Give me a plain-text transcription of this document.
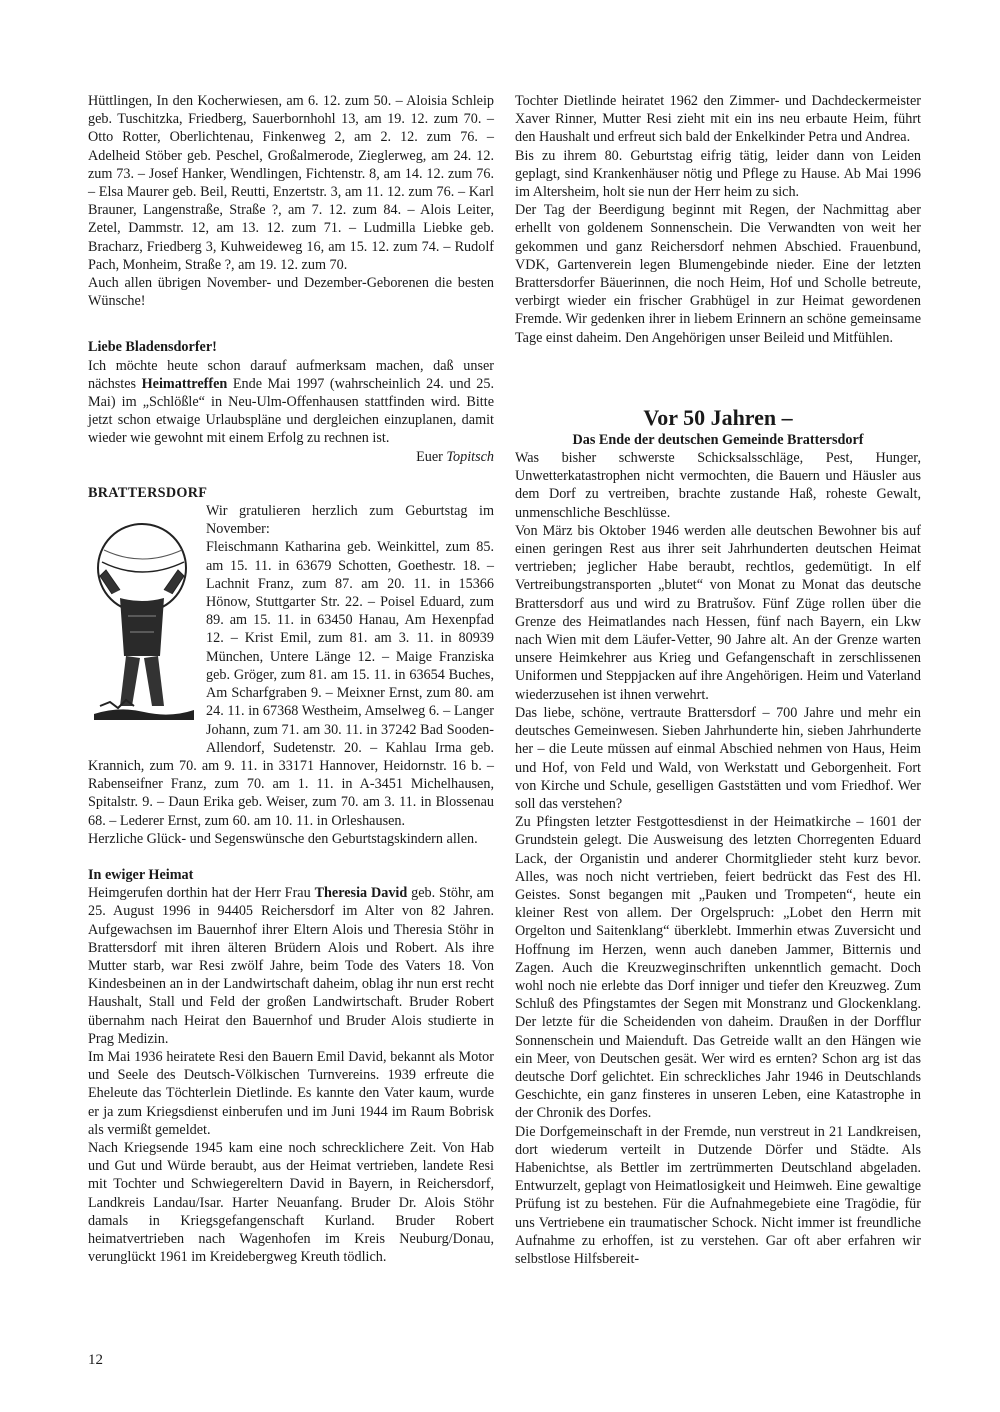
Hüttlingen, In den Kocherwiesen, am 6. 12. zum 50. – Aloisia Schleip geb. Tuschitzka, Friedberg, Sauerbornhohl 13, am 19. 12. zum 70. – Otto Rotter, Oberlichtenau, Finkenweg 2, am 2. 12. zum 76. – Adelheid Stöber geb. Peschel, Großalmerode, Zieglerweg, am 24. 12. zum 73. – Josef Hanker, Wendlingen, Fichtenstr. 8, am 14. 12. zum 76. – Elsa Maurer geb. Beil, Reutti, Enzertstr. 3, am 11. 12. zum 76. – Karl Brauner, Langenstraße, Straße ?, am 7. 12. zum 84. – Alois Leiter, Zetel, Dammstr. 12, am 13. 12. zum 71. – Ludmilla Liebke geb. Bracharz, Friedberg 3, Kuhweideweg 16, am 15. 12. zum 74. – Rudolf Pach, Monheim, Straße ?, am 19. 12. zum 70.

Auch allen übrigen November- und Dezember-Geborenen die besten Wünsche!

Liebe Bladensdorfer!

Ich möchte heute schon darauf aufmerksam machen, daß unser nächstes Heimattreffen Ende Mai 1997 (wahrscheinlich 24. und 25. Mai) im „Schlößle“ in Neu-Ulm-Offenhausen stattfinden wird. Bitte jetzt schon etwaige Urlaubspläne und dergleichen einzuplanen, damit wieder wie gewohnt mit einem Erfolg zu rechnen ist.

Euer Topitsch

BRATTERSDORF

Wir gratulieren herzlich zum Geburtstag im November:

Fleischmann Katharina geb. Weinkittel, zum 85. am 15. 11. in 63679 Schotten, Goethestr. 18. – Lachnit Franz, zum 87. am 20. 11. in 15366 Hönow, Stuttgarter Str. 22. – Poisel Eduard, zum 89. am 15. 11. in 63450 Hanau, Am Hexenpfad 12. – Krist Emil, zum 81. am 3. 11. in 80939 München, Untere Länge 12. – Maige Franziska geb. Gröger, zum 81. am 15. 11. in 63654 Buches, Am Scharfgraben 9. – Meixner Ernst, zum 80. am 24. 11. in 67368 Westheim, Amselweg 6. – Langer Johann, zum 71. am 30. 11. in 37242 Bad Sooden-Allendorf, Sudetenstr. 20. – Kahlau Irma geb. Krannich, zum 70. am 9. 11. in 33171 Hannover, Heidornstr. 16 b. – Rabenseifner Franz, zum 70. am 1. 11. in A-3451 Michelhausen, Spitalstr. 9. – Daun Erika geb. Weiser, zum 70. am 3. 11. in Blossenau 68. – Lederer Ernst, zum 60. am 10. 11. in Orleshausen.

Herzliche Glück- und Segenswünsche den Geburtstagskindern allen.

In ewiger Heimat

Heimgerufen dorthin hat der Herr Frau Theresia David geb. Stöhr, am 25. August 1996 in 94405 Reichersdorf im Alter von 82 Jahren. Aufgewachsen im Bauernhof ihrer Eltern Alois und Theresia Stöhr in Brattersdorf mit ihren älteren Brüdern Alois und Robert. Als ihre Mutter starb, war Resi zwölf Jahre, beim Tode des Vaters 18. Von Kindesbeinen an in der Landwirtschaft daheim, oblag ihr nun erst recht Haushalt, Stall und Feld der großen Landwirtschaft. Bruder Robert übernahm nach Heirat den Bauernhof und Bruder Alois studierte in Prag Medizin.

Im Mai 1936 heiratete Resi den Bauern Emil David, bekannt als Motor und Seele des Deutsch-Völkischen Turnvereins. 1939 erfreute die Eheleute das Töchterlein Dietlinde. Es kannte den Vater kaum, wurde er ja zum Kriegsdienst einberufen und im Juni 1944 im Raum Bobrisk als vermißt gemeldet.

Nach Kriegsende 1945 kam eine noch schrecklichere Zeit. Von Hab und Gut und Würde beraubt, aus der Heimat vertrieben, landete Resi mit Tochter und Schwiegereltern David in Bayern, in Reichersdorf, Landkreis Landau/Isar. Harter Neuanfang. Bruder Dr. Alois Stöhr damals in Kriegsgefangenschaft Kurland. Bruder Robert heimatvertrieben nach Wagenhofen im Kreis Neuburg/Donau, verunglückt 1961 im Kreidebergweg Kreuth tödlich.

Tochter Dietlinde heiratet 1962 den Zimmer- und Dachdeckermeister Xaver Rinner, Mutter Resi zieht mit ein ins neu erbaute Heim, führt den Haushalt und erfreut sich bald der Enkelkinder Petra und Andrea.

Bis zu ihrem 80. Geburtstag eifrig tätig, leider dann von Leiden geplagt, sind Krankenhäuser nötig und Pflege zu Hause. Ab Mai 1996 im Altersheim, holt sie nun der Herr heim zu sich.

Der Tag der Beerdigung beginnt mit Regen, der Nachmittag aber erhellt von goldenem Sonnenschein. Die Verwandten von weit her gekommen und ganz Reichersdorf nehmen Abschied. Frauenbund, VDK, Gartenverein legen Blumengebinde nieder. Eine der letzten Brattersdorfer Bäuerinnen, die noch Heim, Hof und Scholle betreute, verbirgt wieder ein frischer Grabhügel in zur Heimat gewordenen Fremde. Wir gedenken ihrer in liebem Erinnern an schöne gemeinsame Tage einst daheim. Den Angehörigen unser Beileid und Mitfühlen.

Vor 50 Jahren –

Das Ende der deutschen Gemeinde Brattersdorf

Was bisher schwerste Schicksalsschläge, Pest, Hunger, Unwetterkatastrophen nicht vermochten, die Bauern und Häusler aus dem Dorf zu vertreiben, brachte zustande Haß, roheste Gewalt, unmenschliche Beschlüsse.

Von März bis Oktober 1946 werden alle deutschen Bewohner bis auf einen geringen Rest aus ihrer seit Jahrhunderten deutschen Heimat vertrieben; jeglicher Habe beraubt, rechtlos, gedemütigt. In elf Vertreibungstransporten „blutet“ von Monat zu Monat das deutsche Brattersdorf aus und wird zu Bratrušov. Fünf Züge rollen über die Grenze des Heimatlandes nach Hessen, fünf nach Bayern, ein Lkw nach Wien mit dem Läufer-Vetter, 90 Jahre alt. An der Grenze warten unsere Heimkehrer aus Krieg und Gefangenschaft in zerschlissenen Uniformen und Steppjacken auf ihre Angehörigen. Heim und Vaterland wiederzusehen ist ihnen verwehrt.

Das liebe, schöne, vertraute Brattersdorf – 700 Jahre und mehr ein deutsches Gemeinwesen. Sieben Jahrhunderte hin, sieben Jahrhunderte her – die Leute müssen auf einmal Abschied nehmen von Haus, Heim und Hof, von Feld und Wald, von Werkstatt und Geborgenheit. Fort von Kirche und Schule, geselligen Gaststätten und vom Friedhof. Wer soll das verstehen?

Zu Pfingsten letzter Festgottesdienst in der Heimatkirche – 1601 der Grundstein gelegt. Die Ausweisung des letzten Chorregenten Eduard Lack, der Organistin und anderer Chormitglieder steht kurz bevor. Alles, was noch nicht vertrieben, feiert bedrückt das Fest des Hl. Geistes. Sonst begangen mit „Pauken und Trompeten“, heute ein kleiner Rest von allem. Der Orgelspruch: „Lobet den Herrn mit Orgelton und Saitenklang“ überklebt. Immerhin etwas Zuversicht und Hoffnung im Herzen, wenn auch daneben Jammer, Bitternis und Zagen. Auch die Kreuzweginschriften unkenntlich gemacht. Doch wohl noch nie erlebte das Dorf inniger und tiefer den Kreuzweg. Zum Schluß des Pfingstamtes der Segen mit Monstranz und Glockenklang. Der letzte für die Scheidenden von daheim. Draußen in der Dorfflur Sonnenschein und Maienduft. Das Getreide wallt an den Hängen wie ein Meer, von Deutschen gesät. Wer wird es ernten? Schon arg ist das deutsche Dorf gelichtet. Ein schreckliches Jahr 1946 in Deutschlands Geschichte, ein ganz finsteres in unseren Leben, eine Katastrophe in der Chronik des Dorfes.

Die Dorfgemeinschaft in der Fremde, nun verstreut in 21 Landkreisen, dort wiederum verteilt in Dutzende Dörfer und Städte. Als Habenichtse, als Bettler im zertrümmerten Deutschland abgeladen. Entwurzelt, geplagt von Heimatlosigkeit und Heimweh. Eine gewaltige Prüfung ist zu bestehen. Für die Aufnahmegebiete eine Tragödie, für uns Vertriebene ein traumatischer Schock. Nicht immer ist freundliche Aufnahme zu erhoffen, ist zu verstehen. Gar oft aber erfahren wir selbstlose Hilfsbereit-

12
